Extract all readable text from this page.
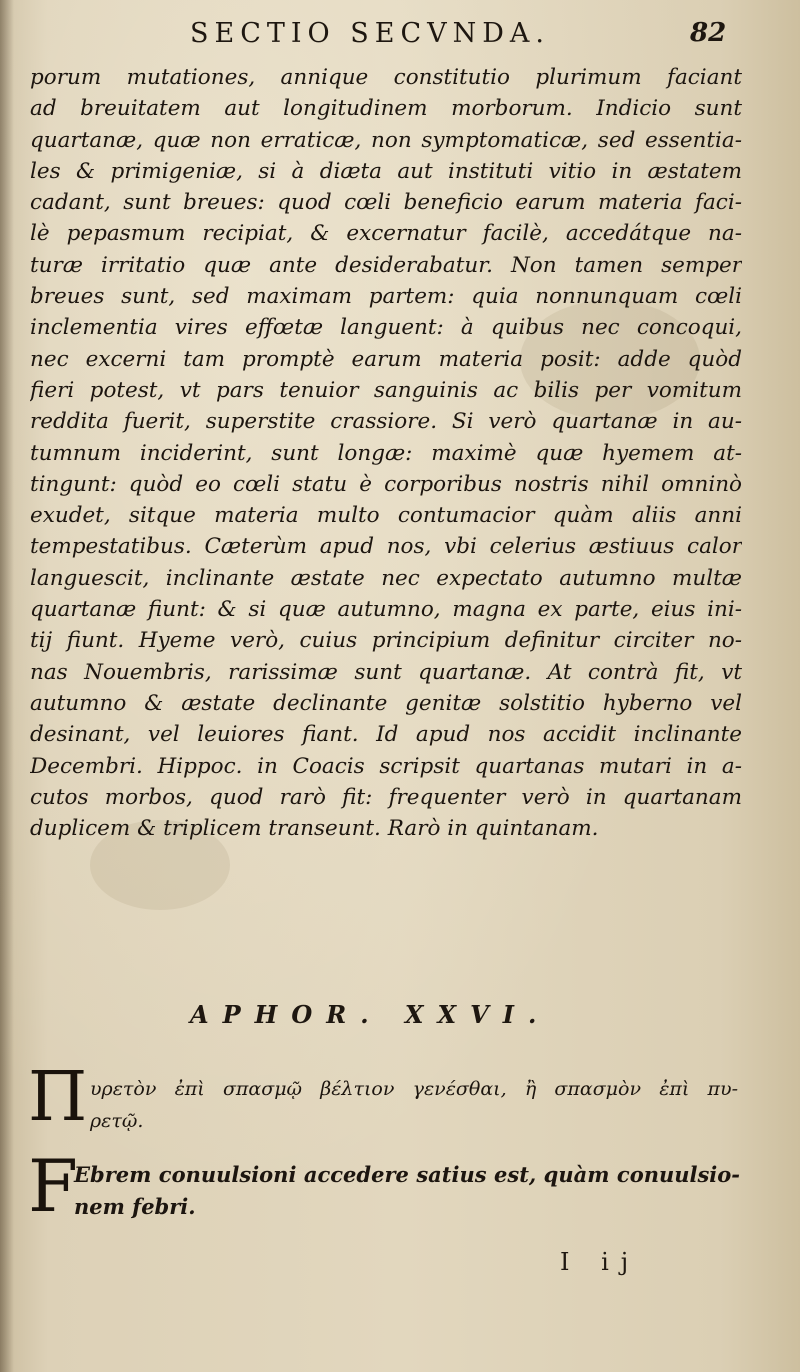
SECTIO SECVNDA.	82
porum mutationes, annique constitutio plurimum faciant
ad breuitatem aut longitudinem morborum. Indicio sunt
quartanæ, quæ non erraticæ, non symptomaticæ, sed essentia-
les & primigeniæ, si à diæta aut instituti vitio in æstatem
cadant, sunt breues: quod cœli beneficio earum materia faci-
lè pepasmum recipiat, & excernatur facilè, accedátque na-
turæ irritatio quæ ante desiderabatur. Non tamen semper
breues sunt, sed maximam partem: quia nonnunquam cœli
inclementia vires effœtæ languent: à quibus nec concoqui,
nec excerni tam promptè earum materia posit: adde quòd
fieri potest, vt pars tenuior sanguinis ac bilis per vomitum
reddita fuerit, superstite crassiore. Si verò quartanæ in au-
tumnum inciderint, sunt longæ: maximè quæ hyemem at-
tingunt: quòd eo cœli statu è corporibus nostris nihil omninò
exudet, sitque materia multo contumacior quàm aliis anni
tempestatibus. Cæterùm apud nos, vbi celerius æstiuus calor
languescit, inclinante æstate nec expectato autumno multæ
quartanæ fiunt: & si quæ autumno, magna ex parte, eius ini-
tij fiunt. Hyeme verò, cuius principium definitur circiter no-
nas Nouembris, rarissimæ sunt quartanæ. At contrà fit, vt
autumno & æstate declinante genitæ solstitio hyberno vel
desinant, vel leuiores fiant. Id apud nos accidit inclinante
Decembri. Hippoc. in Coacis scripsit quartanas mutari in a-
cutos morbos, quod rarò fit: frequenter verò in quartanam
duplicem & triplicem transeunt. Rarò in quintanam.
APHOR. XXVI.
Π υρετὸν ἐπὶ σπασμῷ βέλτιον γενέσθαι, ἢ σπασμὸν ἐπὶ πυ-
ρετῷ.
F
Ebrem conuulsioni accedere satius est, quàm conuulsio-
nem febri.
I ij
